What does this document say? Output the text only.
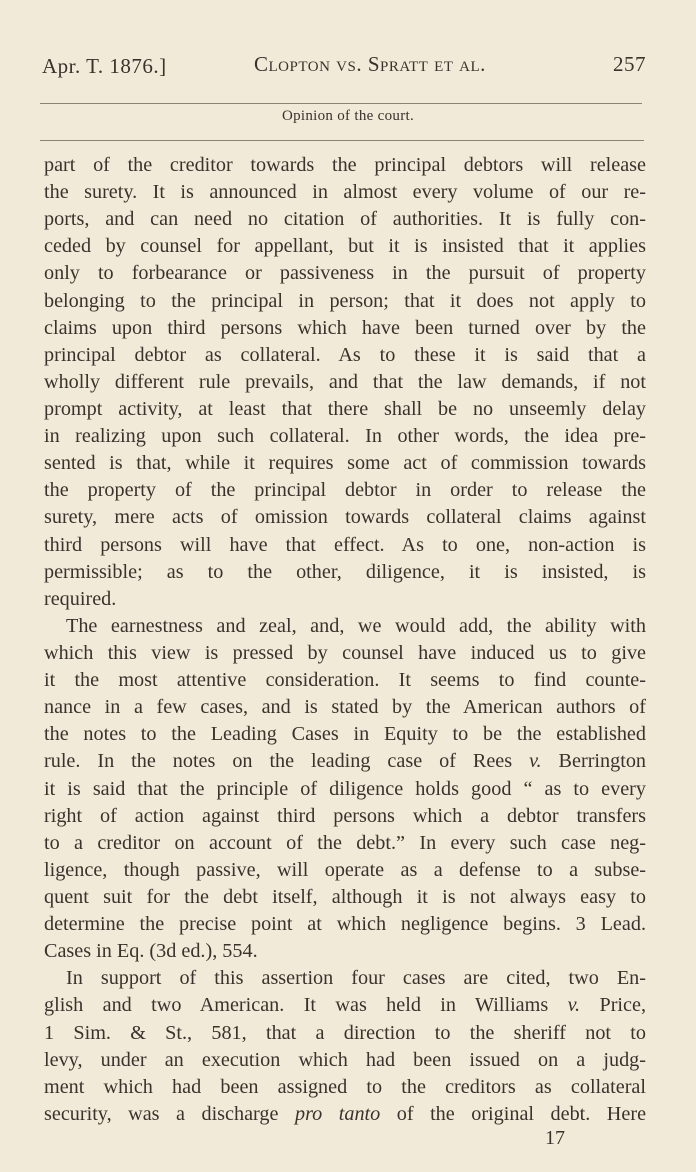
Apr. T. 1876.]	Clopton vs. Spratt et al.	257
Opinion of the court.
part of the creditor towards the principal debtors will release
the surety. It is announced in almost every volume of our re-
ports, and can need no citation of authorities. It is fully con-
ceded by counsel for appellant, but it is insisted that it applies
only to forbearance or passiveness in the pursuit of property
belonging to the principal in person; that it does not apply to
claims upon third persons which have been turned over by the
principal debtor as collateral. As to these it is said that a
wholly different rule prevails, and that the law demands, if not
prompt activity, at least that there shall be no unseemly delay
in realizing upon such collateral. In other words, the idea pre-
sented is that, while it requires some act of commission towards
the property of the principal debtor in order to release the
surety, mere acts of omission towards collateral claims against
third persons will have that effect. As to one, non-action is
permissible; as to the other, diligence, it is insisted, is
required.
The earnestness and zeal, and, we would add, the ability with
which this view is pressed by counsel have induced us to give
it the most attentive consideration. It seems to find counte-
nance in a few cases, and is stated by the American authors of
the notes to the Leading Cases in Equity to be the established
rule. In the notes on the leading case of Rees v. Berrington
it is said that the principle of diligence holds good “ as to every
right of action against third persons which a debtor transfers
to a creditor on account of the debt.” In every such case neg-
ligence, though passive, will operate as a defense to a subse-
quent suit for the debt itself, although it is not always easy to
determine the precise point at which negligence begins. 3 Lead.
Cases in Eq. (3d ed.), 554.
In support of this assertion four cases are cited, two En-
glish and two American. It was held in Williams v. Price,
1 Sim. & St., 581, that a direction to the sheriff not to
levy, under an execution which had been issued on a judg-
ment which had been assigned to the creditors as collateral
security, was a discharge pro tanto of the original debt. Here
17
